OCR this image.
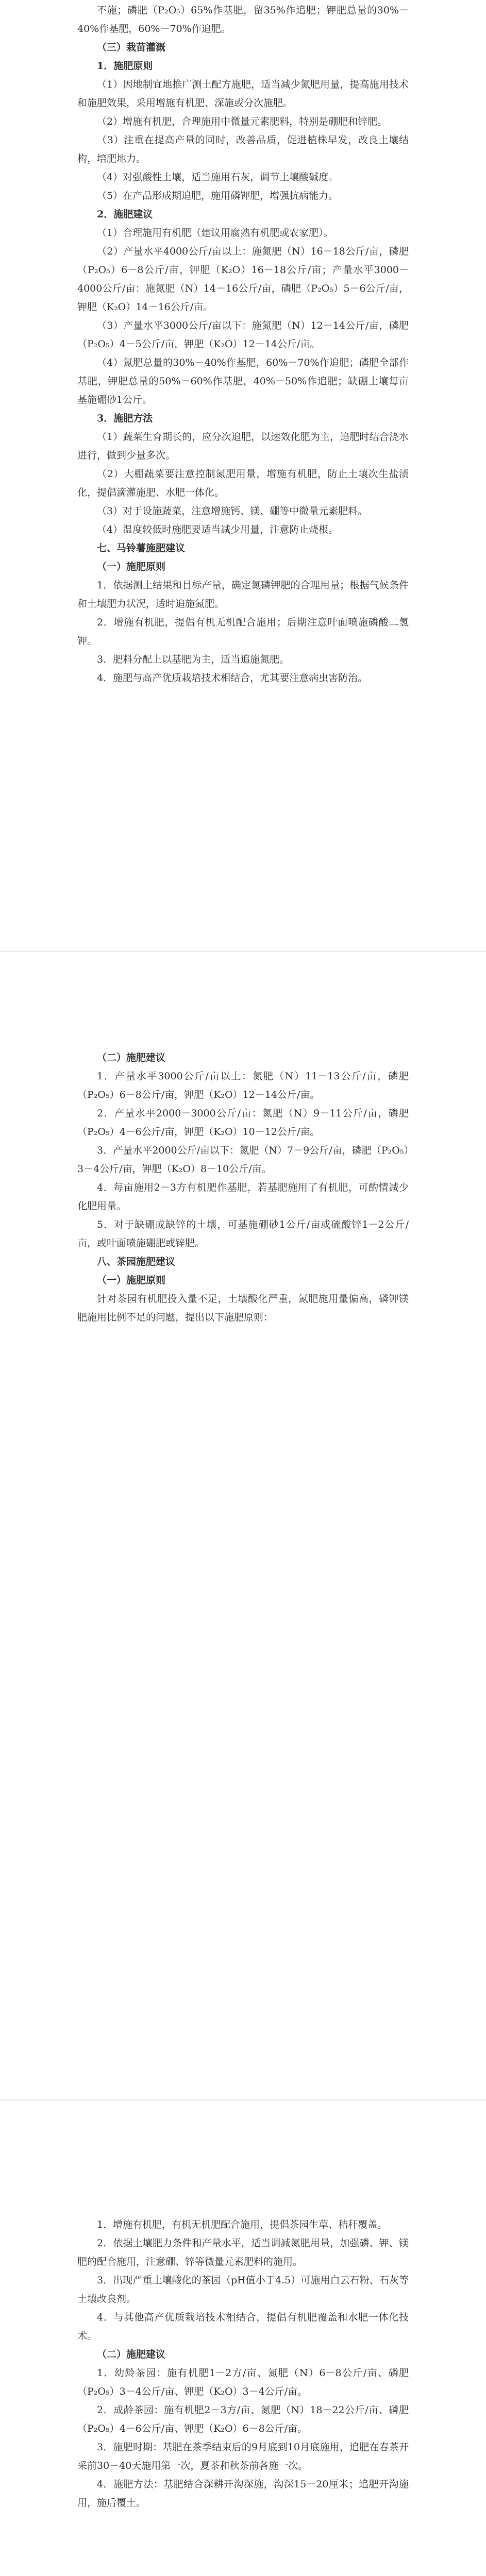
不施；磷肥（P₂O₅）65%作基肥，留35%作追肥；钾肥总量的30%－40%作基肥，60%－70%作追肥。

（三）栽苗灌溉

1．施肥原则

（1）因地制宜地推广测土配方施肥，适当减少氮肥用量，提高施用技术和施肥效果，采用增施有机肥、深施或分次施肥。

（2）增施有机肥，合理施用中微量元素肥料，特别是硼肥和锌肥。

（3）注重在提高产量的同时，改善品质，促进植株早发，改良土壤结构，培肥地力。

（4）对强酸性土壤，适当施用石灰，调节土壤酸碱度。

（5）在产品形成期追肥，施用磷钾肥，增强抗病能力。

2．施肥建议

（1）合理施用有机肥（建议用腐熟有机肥或农家肥）。

（2）产量水平4000公斤/亩以上：施氮肥（N）16－18公斤/亩，磷肥（P₂O₅）6－8公斤/亩，钾肥（K₂O）16－18公斤/亩；产量水平3000－4000公斤/亩：施氮肥（N）14－16公斤/亩，磷肥（P₂O₅）5－6公斤/亩，钾肥（K₂O）14－16公斤/亩。

（3）产量水平3000公斤/亩以下：施氮肥（N）12－14公斤/亩，磷肥（P₂O₅）4－5公斤/亩，钾肥（K₂O）12－14公斤/亩。

（4）氮肥总量的30%－40%作基肥，60%－70%作追肥；磷肥全部作基肥，钾肥总量的50%－60%作基肥，40%－50%作追肥；缺硼土壤每亩基施硼砂1公斤。

3．施肥方法

（1）蔬菜生育期长的，应分次追肥，以速效化肥为主，追肥时结合浇水进行，做到少量多次。

（2）大棚蔬菜要注意控制氮肥用量，增施有机肥，防止土壤次生盐渍化，提倡滴灌施肥、水肥一体化。

（3）对于设施蔬菜，注意增施钙、镁、硼等中微量元素肥料。

（4）温度较低时施肥要适当减少用量，注意防止烧根。

七、马铃薯施肥建议

（一）施肥原则

1．依据测土结果和目标产量，确定氮磷钾肥的合理用量；根据气候条件和土壤肥力状况，适时追施氮肥。

2．增施有机肥，提倡有机无机配合施用；后期注意叶面喷施磷酸二氢钾。

3．肥料分配上以基肥为主，适当追施氮肥。

4．施肥与高产优质栽培技术相结合，尤其要注意病虫害防治。

（二）施肥建议

1．产量水平3000公斤/亩以上：氮肥（N）11－13公斤/亩，磷肥（P₂O₅）6－8公斤/亩，钾肥（K₂O）12－14公斤/亩。

2．产量水平2000－3000公斤/亩：氮肥（N）9－11公斤/亩，磷肥（P₂O₅）4－6公斤/亩，钾肥（K₂O）10－12公斤/亩。

3．产量水平2000公斤/亩以下：氮肥（N）7－9公斤/亩，磷肥（P₂O₅）3－4公斤/亩，钾肥（K₂O）8－10公斤/亩。

4．每亩施用2－3方有机肥作基肥，若基肥施用了有机肥，可酌情减少化肥用量。

5．对于缺硼或缺锌的土壤，可基施硼砂1公斤/亩或硫酸锌1－2公斤/亩，或叶面喷施硼肥或锌肥。

八、茶园施肥建议

（一）施肥原则

针对茶园有机肥投入量不足，土壤酸化严重，氮肥施用量偏高，磷钾镁肥施用比例不足的问题，提出以下施肥原则：

1．增施有机肥，有机无机肥配合施用，提倡茶园生草、秸秆覆盖。

2．依据土壤肥力条件和产量水平，适当调减氮肥用量，加强磷、钾、镁肥的配合施用，注意硼、锌等微量元素肥料的施用。

3．出现严重土壤酸化的茶园（pH值小于4.5）可施用白云石粉、石灰等土壤改良剂。

4．与其他高产优质栽培技术相结合，提倡有机肥覆盖和水肥一体化技术。

（二）施肥建议

1．幼龄茶园：施有机肥1－2方/亩、氮肥（N）6－8公斤/亩、磷肥（P₂O₅）3－4公斤/亩、钾肥（K₂O）3－4公斤/亩。

2．成龄茶园：施有机肥2－3方/亩、氮肥（N）18－22公斤/亩、磷肥（P₂O₅）4－6公斤/亩、钾肥（K₂O）6－8公斤/亩。

3．施肥时期：基肥在茶季结束后的9月底到10月底施用，追肥在春茶开采前30－40天施用第一次，夏茶和秋茶前各施一次。

4．施肥方法：基肥结合深耕开沟深施，沟深15－20厘米；追肥开沟施用，施后覆土。
